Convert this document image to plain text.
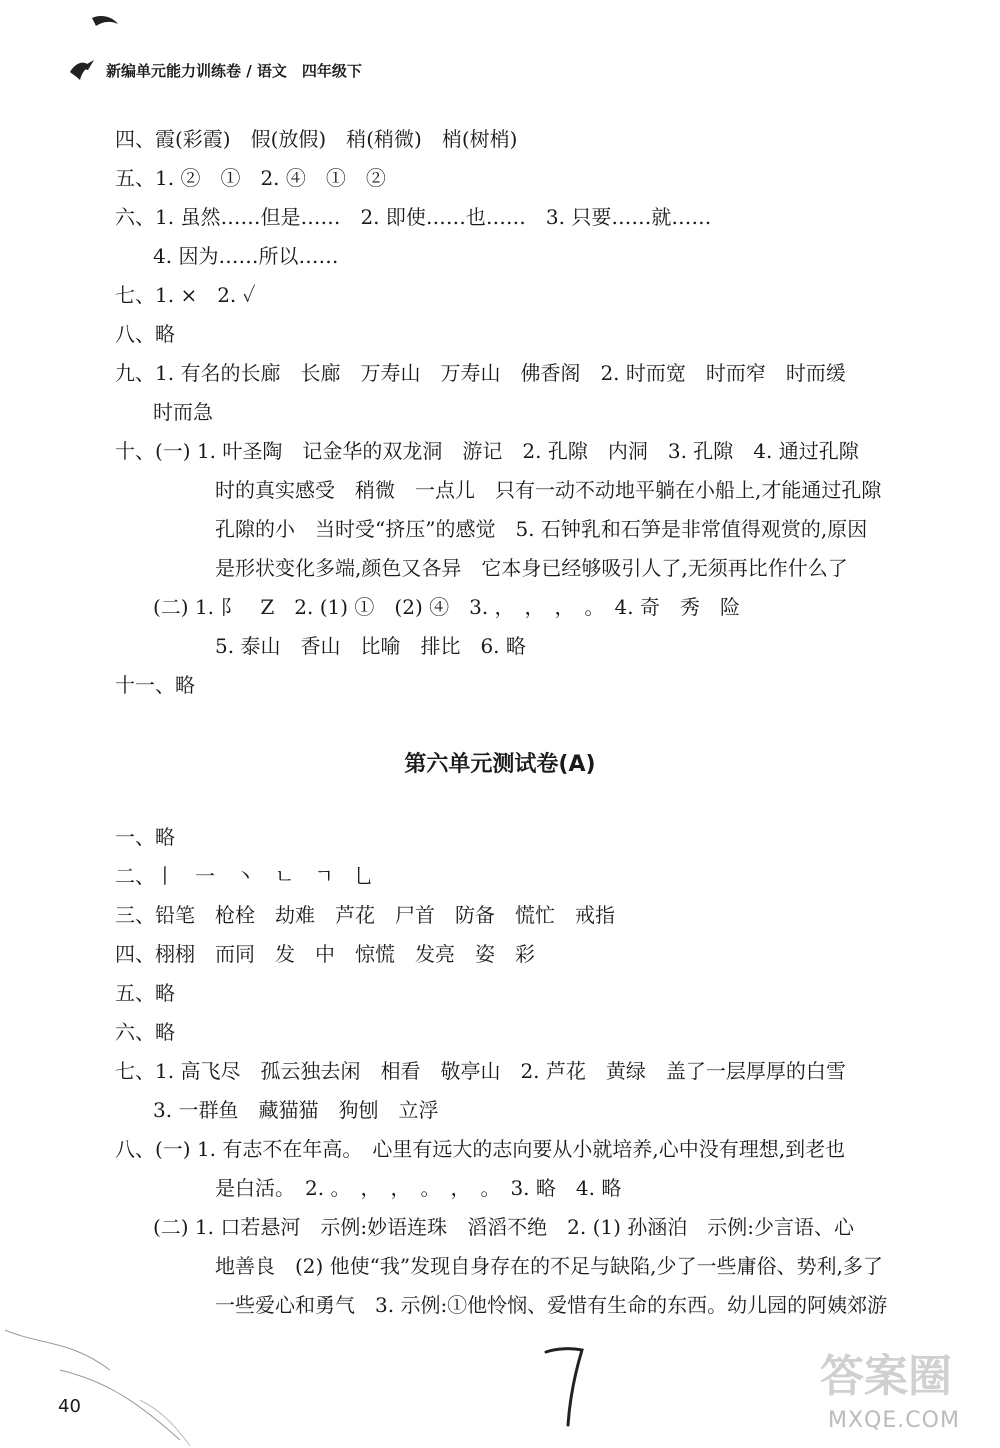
新编单元能力训练卷 / 语文　四年级下
四、霞(彩霞)　假(放假)　稍(稍微)　梢(树梢)
五、1. ②　①　2. ④　①　②
六、1. 虽然……但是……　2. 即使……也……　3. 只要……就……
4. 因为……所以……
七、1. ×　2. ✓
八、略
九、1. 有名的长廊　长廊　万寿山　万寿山　佛香阁　2. 时而宽　时而窄　时而缓
时而急
十、(一) 1. 叶圣陶　记金华的双龙洞　游记　2. 孔隙　内洞　3. 孔隙　4. 通过孔隙
时的真实感受　稍微　一点儿　只有一动不动地平躺在小船上,才能通过孔隙
孔隙的小　当时受“挤压”的感觉　5. 石钟乳和石笋是非常值得观赏的,原因
是形状变化多端,颜色又各异　它本身已经够吸引人了,无须再比作什么了
(二) 1. 阝　Z　2. (1) ①　(2) ④　3. ，　，　，　。　4. 奇　秀　险
5. 泰山　香山　比喻　排比　6. 略
十一、略
第六单元测试卷(A)
一、略
二、丨　一　丶　ㄴ　ㄱ　乚
三、铅笔　枪栓　劫难　芦花　尸首　防备　慌忙　戒指
四、栩栩　而同　发　中　惊慌　发亮　姿　彩
五、略
六、略
七、1. 高飞尽　孤云独去闲　相看　敬亭山　2. 芦花　黄绿　盖了一层厚厚的白雪
3. 一群鱼　藏猫猫　狗刨　立浮
八、(一) 1. 有志不在年高。　心里有远大的志向要从小就培养,心中没有理想,到老也
是白活。　2. 。　，　，　。　，　。　3. 略　4. 略
(二) 1. 口若悬河　示例:妙语连珠　滔滔不绝　2. (1) 孙涵泊　示例:少言语、心
地善良　(2) 他使“我”发现自身存在的不足与缺陷,少了一些庸俗、势利,多了
一些爱心和勇气　3. 示例:①他怜悯、爱惜有生命的东西。幼儿园的阿姨郊游
40
答案圈
MXQE.COM
